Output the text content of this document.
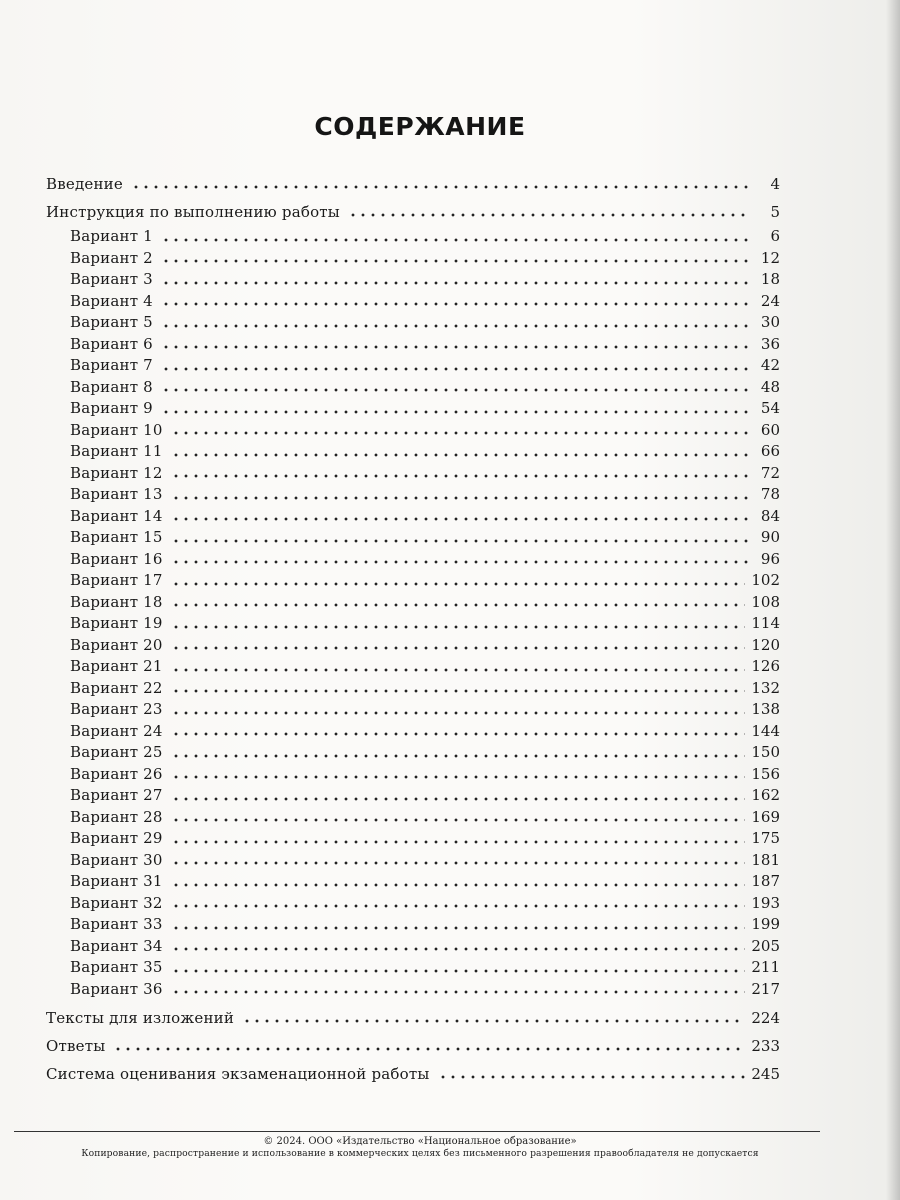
СОДЕРЖАНИЕ
Введение	4
Инструкция по выполнению работы	5
Вариант 1	6
Вариант 2	12
Вариант 3	18
Вариант 4	24
Вариант 5	30
Вариант 6	36
Вариант 7	42
Вариант 8	48
Вариант 9	54
Вариант 10	60
Вариант 11	66
Вариант 12	72
Вариант 13	78
Вариант 14	84
Вариант 15	90
Вариант 16	96
Вариант 17	102
Вариант 18	108
Вариант 19	114
Вариант 20	120
Вариант 21	126
Вариант 22	132
Вариант 23	138
Вариант 24	144
Вариант 25	150
Вариант 26	156
Вариант 27	162
Вариант 28	169
Вариант 29	175
Вариант 30	181
Вариант 31	187
Вариант 32	193
Вариант 33	199
Вариант 34	205
Вариант 35	211
Вариант 36	217
Тексты для изложений	224
Ответы	233
Система оценивания экзаменационной работы	245
© 2024. ООО «Издательство «Национальное образование»
Копирование, распространение и использование в коммерческих целях без письменного разрешения правообладателя не допускается
